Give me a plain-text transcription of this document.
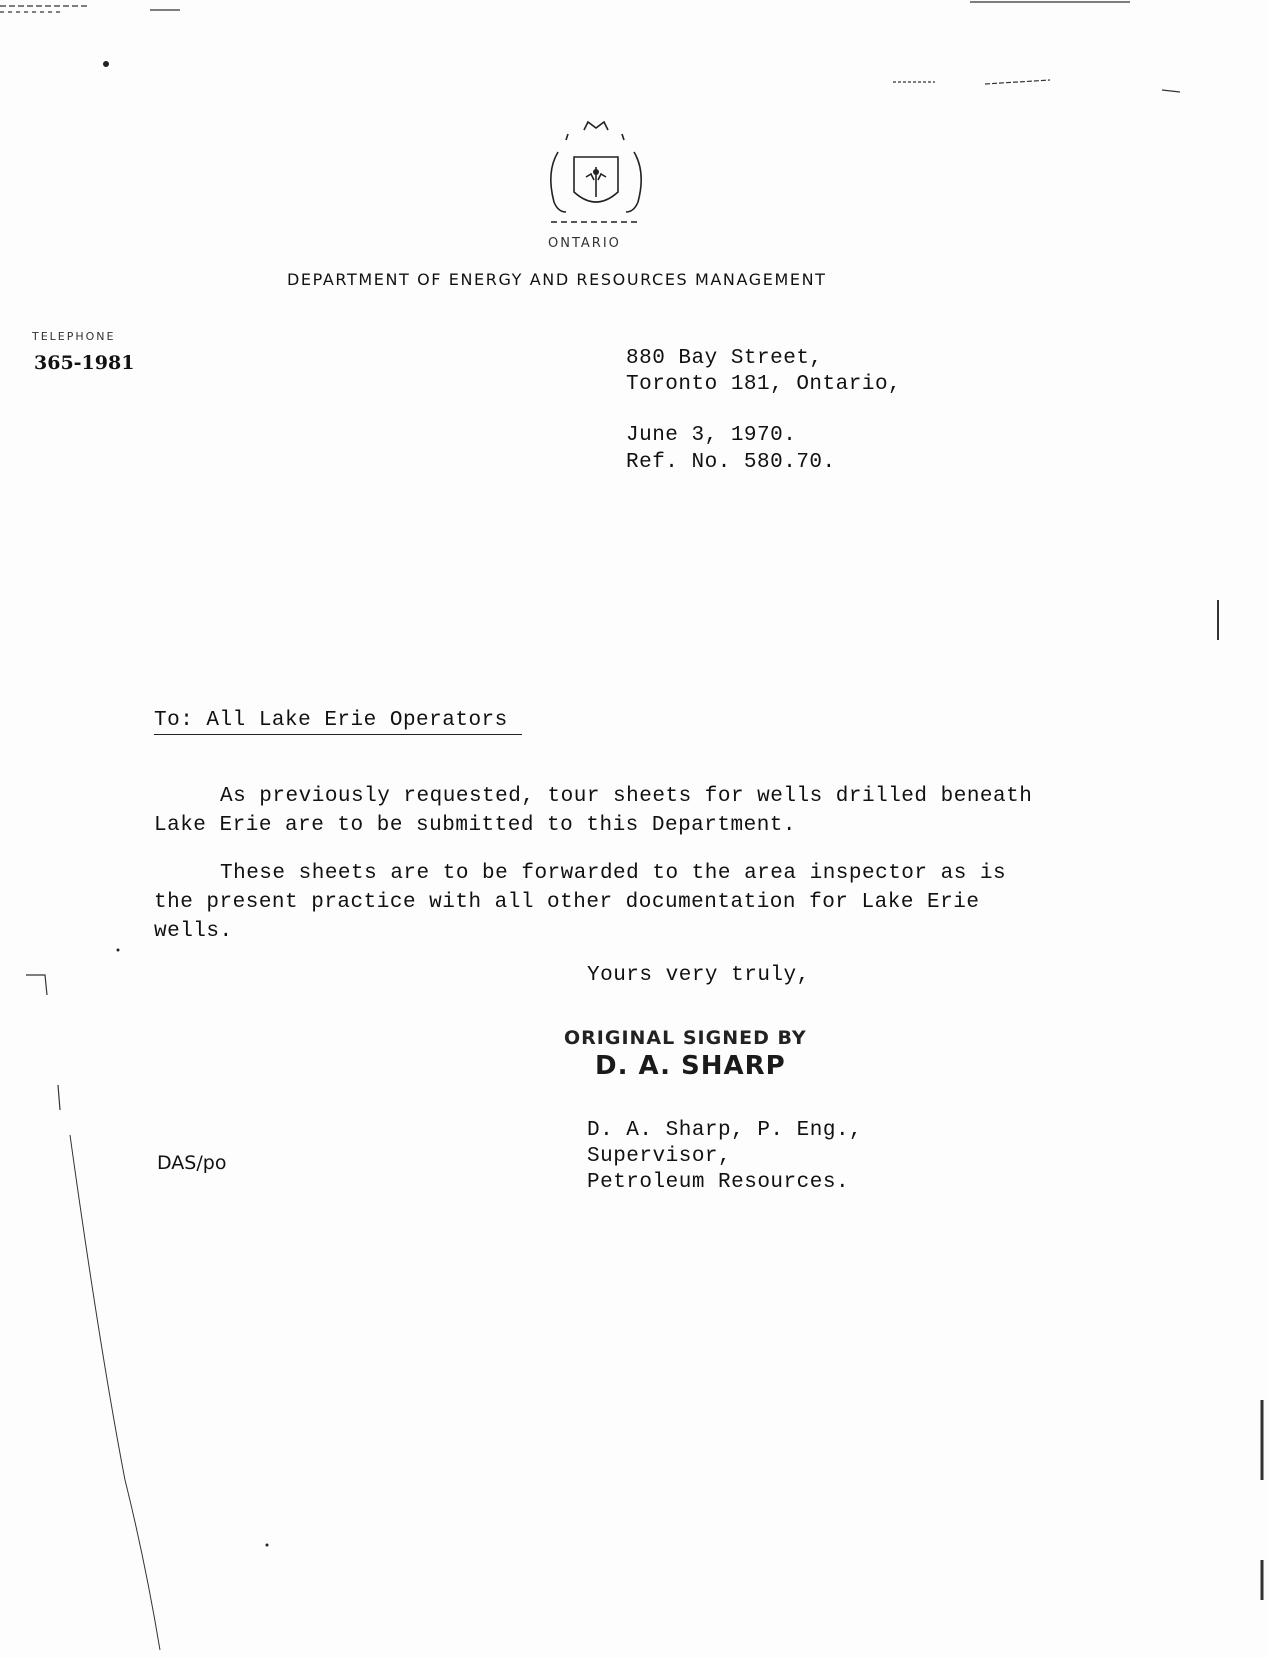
ONTARIO
DEPARTMENT OF ENERGY AND RESOURCES MANAGEMENT
TELEPHONE
365-1981	880 Bay Street,
Toronto 181, Ontario,
June 3, 1970.
Ref. No. 580.70.
To: All Lake Erie Operators
As previously requested, tour sheets for wells drilled beneath Lake Erie are to be submitted to this Department.
These sheets are to be forwarded to the area inspector as is the present practice with all other documentation for Lake Erie wells.
Yours very truly,
ORIGINAL SIGNED BY
D. A. SHARP
D. A. Sharp, P. Eng.,
Supervisor,
Petroleum Resources.
DAS/po
